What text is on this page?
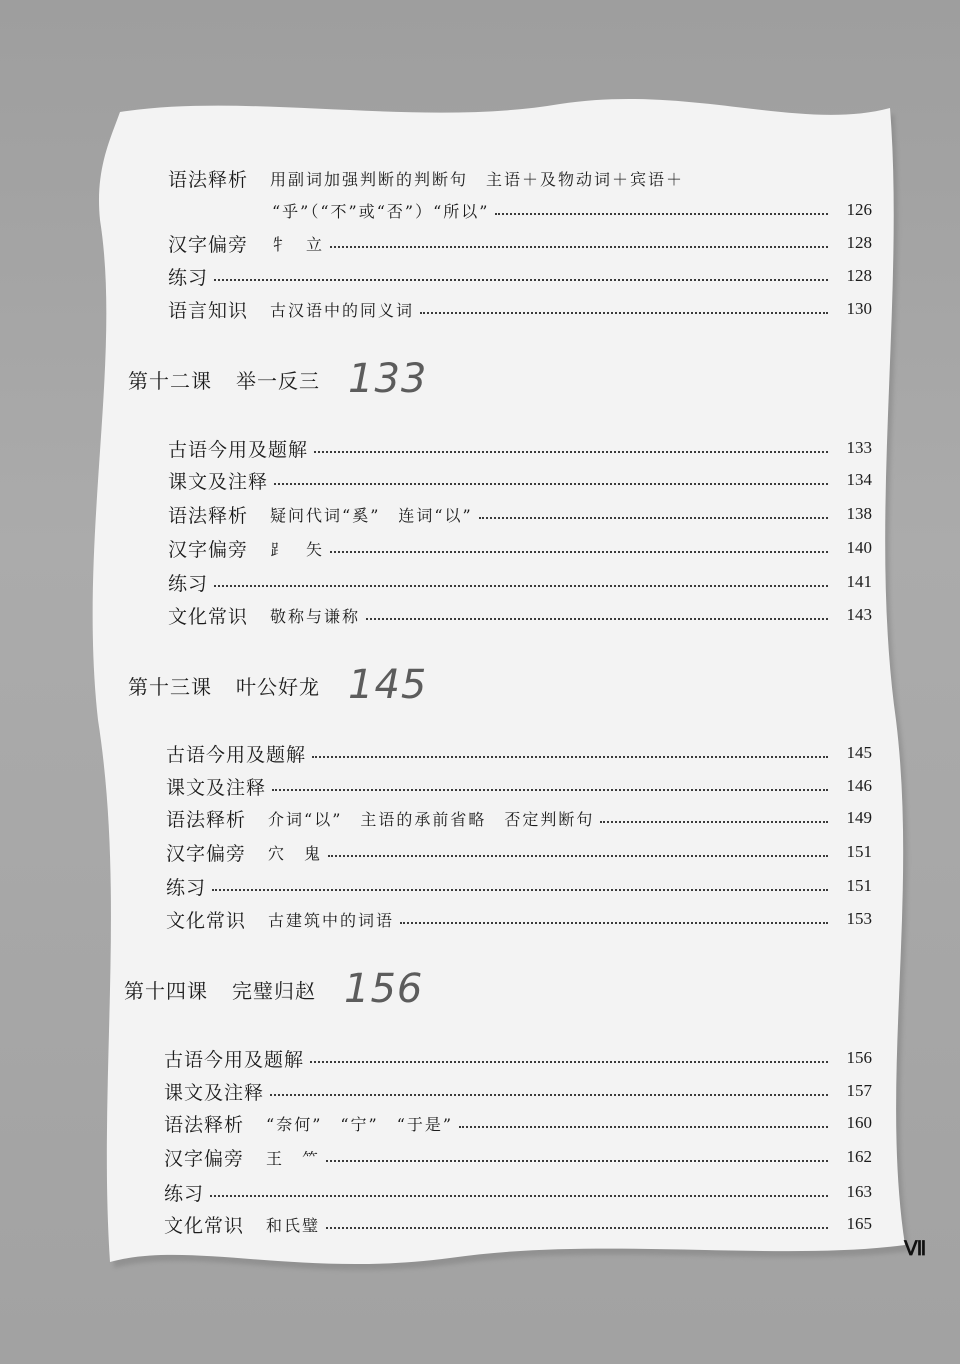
语法释析 用副词加强判断的判断句　主语＋及物动词＋宾语＋
“乎”（“不”或“否”）“所以”	126
汉字偏旁 牜　立	128
练习	128
语言知识 古汉语中的同义词	130
第十二课 举一反三 133
古语今用及题解	133
课文及注释	134
语法释析 疑问代词“奚”　连词“以”	138
汉字偏旁 ⻊　矢	140
练习	141
文化常识 敬称与谦称	143
第十三课 叶公好龙 145
古语今用及题解	145
课文及注释	146
语法释析 介词“以”　主语的承前省略　否定判断句	149
汉字偏旁 穴　鬼	151
练习	151
文化常识 古建筑中的词语	153
第十四课 完璧归赵 156
古语今用及题解	156
课文及注释	157
语法释析 “奈何”　“宁”　“于是”	160
汉字偏旁 王　⺮	162
练习	163
文化常识 和氏璧	165
Ⅶ
